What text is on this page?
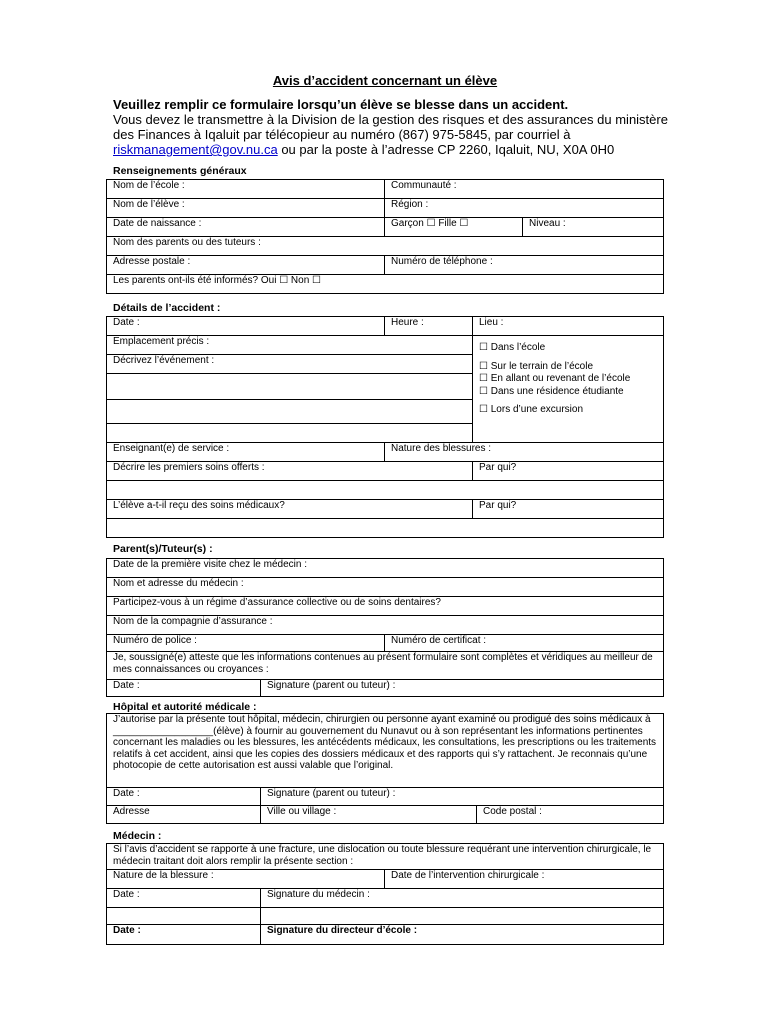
Avis d’accident concernant un élève
Veuillez remplir ce formulaire lorsqu’un élève se blesse dans un accident.
Vous devez le transmettre à la Division de la gestion des risques et des assurances du ministère des Finances à Iqaluit par télécopieur au numéro (867) 975-5845, par courriel à riskmanagement@gov.nu.ca ou par la poste à l’adresse CP 2260, Iqaluit, NU, X0A 0H0
Renseignements généraux
Nom de l’école :	Communauté :	
Nom de l’élève :	Région :	
Date de naissance :	Garçon ☐ Fille ☐	Niveau :
Nom des parents ou des tuteurs :		
Adresse postale :	Numéro de téléphone :	
Les parents ont-ils été informés? Oui ☐ Non ☐		
Détails de l’accident :
Date :	Heure :	Lieu :
Emplacement précis :		☐ Dans l’école
☐ Sur le terrain de l’école
☐ En allant ou revenant de l’école
☐ Dans une résidence étudiante
☐ Lors d’une excursion

Décrivez l’événement :		

Enseignant(e) de service :	Nature des blessures :	
Décrire les premiers soins offerts :		Par qui?

L’élève a-t-il reçu des soins médicaux?		Par qui?

Parent(s)/Tuteur(s) :
Date de la première visite chez le médecin :		
Nom et adresse du médecin :		
Participez-vous à un régime d’assurance collective ou de soins dentaires?		
Nom de la compagnie d’assurance :		
Numéro de police :		Numéro de certificat :
Je, soussigné(e) atteste que les informations contenues au présent formulaire sont complètes et véridiques au meilleur de mes connaissances ou croyances :		
Date :	Signature (parent ou tuteur) :	
Hôpital et autorité médicale :
J’autorise par la présente tout hôpital, médecin, chirurgien ou personne ayant examiné ou prodigué des soins médicaux à __________________(élève) à fournir au gouvernement du Nunavut ou à son représentant les informations pertinentes concernant les maladies ou les blessures, les antécédents médicaux, les consultations, les prescriptions ou les traitements relatifs à cet accident, ainsi que les copies des dossiers médicaux et des rapports qui s’y rattachent. Je reconnais qu’une photocopie de cette autorisation est aussi valable que l’original.		
Date :	Signature (parent ou tuteur) :	
Adresse	Ville ou village :	Code postal :
Médecin :
Si l’avis d’accident se rapporte à une fracture, une dislocation ou toute blessure requérant une intervention chirurgicale, le médecin traitant doit alors remplir la présente section :		
Nature de la blessure :		Date de l’intervention chirurgicale :
Date :	Signature du médecin :	

Date :	Signature du directeur d’école :	
